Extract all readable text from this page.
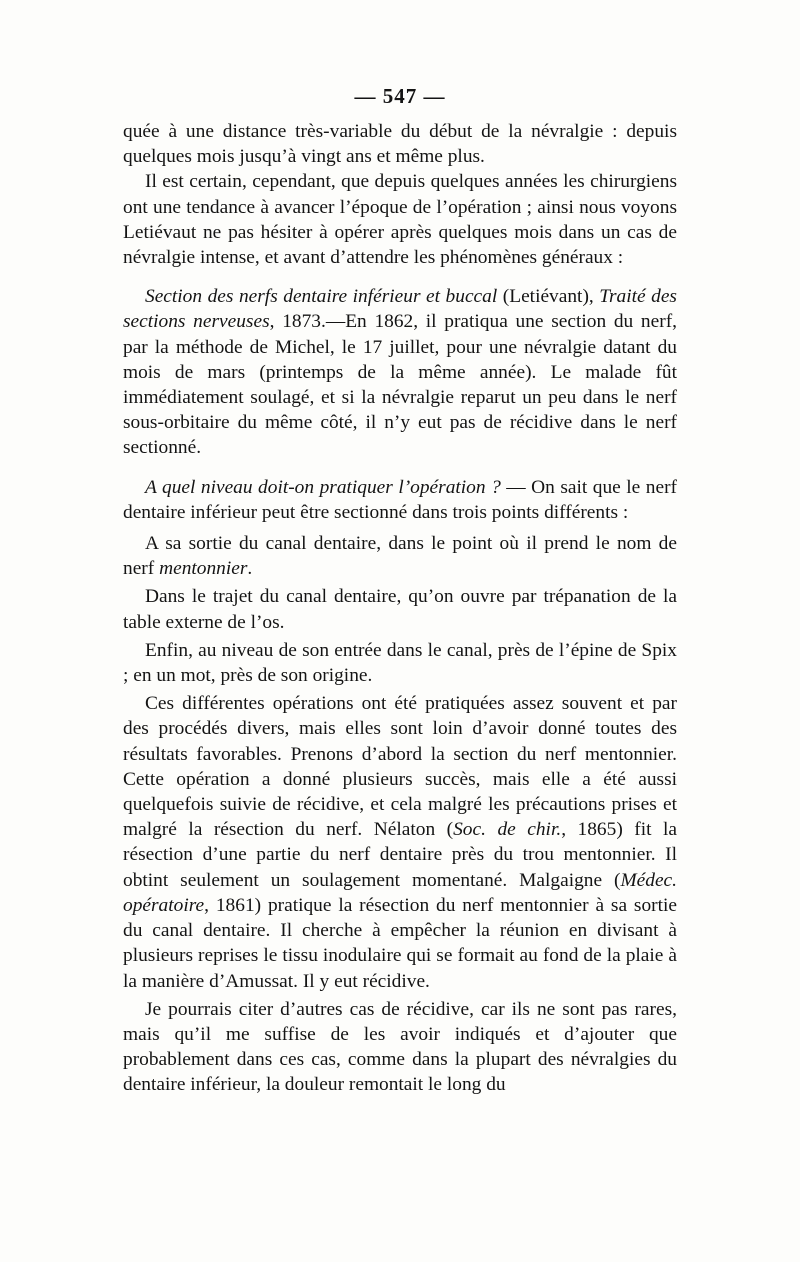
— 547 —

quée à une distance très-variable du début de la névralgie : depuis quelques mois jusqu’à vingt ans et même plus.

Il est certain, cependant, que depuis quelques années les chirurgiens ont une tendance à avancer l’époque de l’opération ; ainsi nous voyons Letiévaut ne pas hésiter à opérer après quelques mois dans un cas de névralgie intense, et avant d’attendre les phénomènes généraux :

Section des nerfs dentaire inférieur et buccal (Letiévant), Traité des sections nerveuses, 1873.—En 1862, il pratiqua une section du nerf, par la méthode de Michel, le 17 juillet, pour une névralgie datant du mois de mars (printemps de la même année). Le malade fût immédiatement soulagé, et si la névralgie reparut un peu dans le nerf sous-orbitaire du même côté, il n’y eut pas de récidive dans le nerf sectionné.

A quel niveau doit-on pratiquer l’opération ? — On sait que le nerf dentaire inférieur peut être sectionné dans trois points différents :

A sa sortie du canal dentaire, dans le point où il prend le nom de nerf mentonnier.

Dans le trajet du canal dentaire, qu’on ouvre par trépanation de la table externe de l’os.

Enfin, au niveau de son entrée dans le canal, près de l’épine de Spix ; en un mot, près de son origine.

Ces différentes opérations ont été pratiquées assez souvent et par des procédés divers, mais elles sont loin d’avoir donné toutes des résultats favorables. Prenons d’abord la section du nerf mentonnier. Cette opération a donné plusieurs succès, mais elle a été aussi quelquefois suivie de récidive, et cela malgré les précautions prises et malgré la résection du nerf. Nélaton (Soc. de chir., 1865) fit la résection d’une partie du nerf dentaire près du trou mentonnier. Il obtint seulement un soulagement momentané. Malgaigne (Médec. opératoire, 1861) pratique la résection du nerf mentonnier à sa sortie du canal dentaire. Il cherche à empêcher la réunion en divisant à plusieurs reprises le tissu inodulaire qui se formait au fond de la plaie à la manière d’Amussat. Il y eut récidive.

Je pourrais citer d’autres cas de récidive, car ils ne sont pas rares, mais qu’il me suffise de les avoir indiqués et d’ajouter que probablement dans ces cas, comme dans la plupart des névralgies du dentaire inférieur, la douleur remontait le long du
